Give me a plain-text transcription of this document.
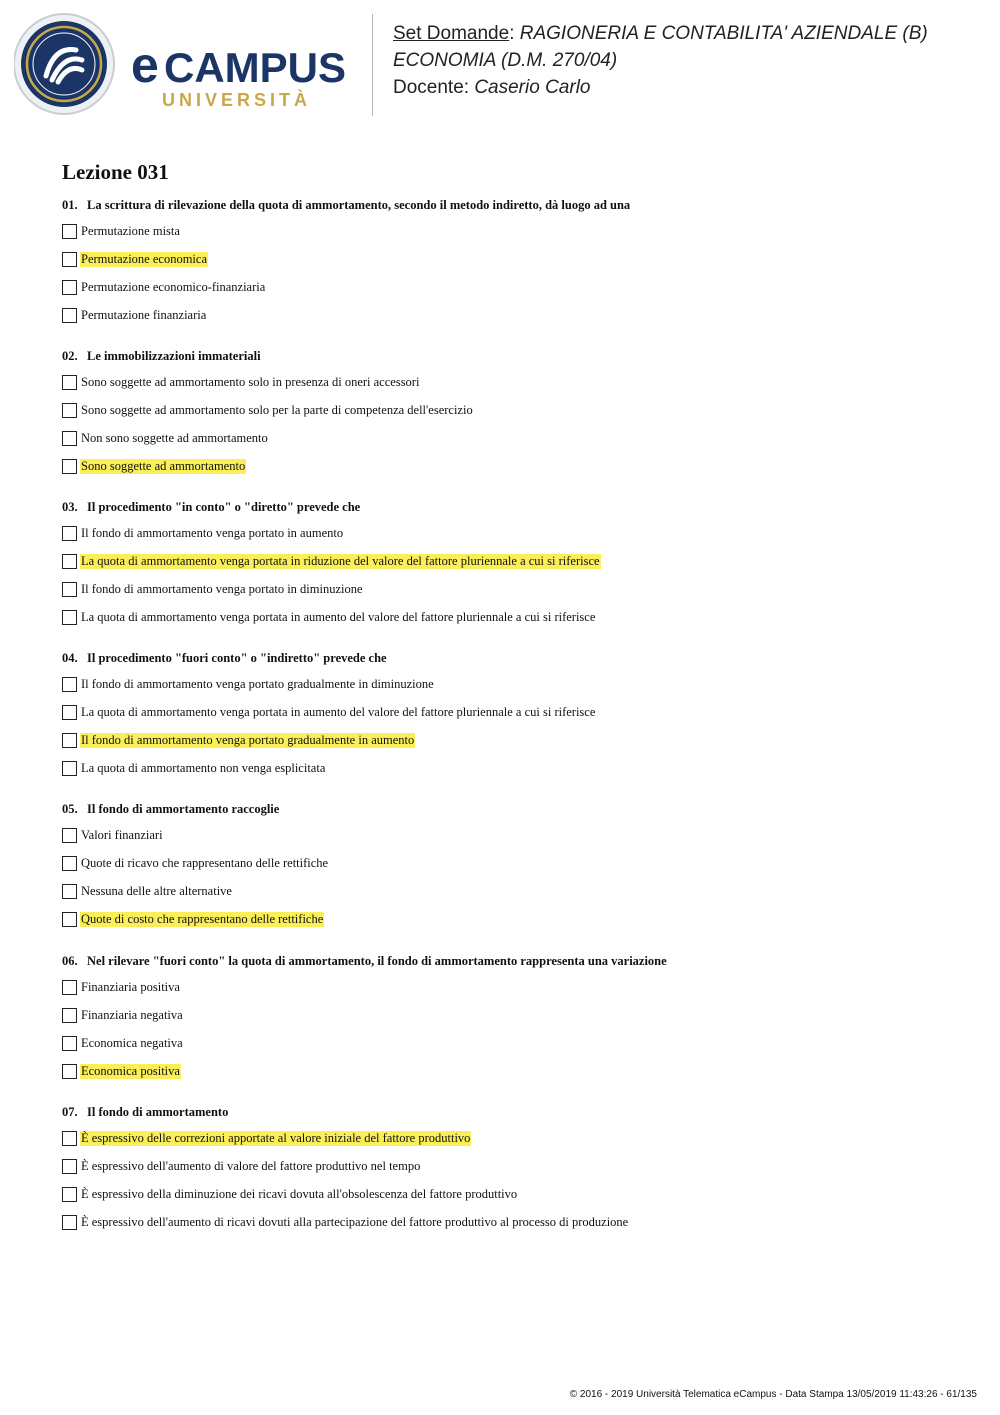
e CAMPUS
UNIVERSITÀ
Set Domande: RAGIONERIA E CONTABILITA' AZIENDALE (B)
ECONOMIA (D.M. 270/04)
Docente: Caserio Carlo
Lezione 031
01. La scrittura di rilevazione della quota di ammortamento, secondo il metodo indiretto, dà luogo ad una
Permutazione mista
Permutazione economica
Permutazione economico-finanziaria
Permutazione finanziaria
02. Le immobilizzazioni immateriali
Sono soggette ad ammortamento solo in presenza di oneri accessori
Sono soggette ad ammortamento solo per la parte di competenza dell'esercizio
Non sono soggette ad ammortamento
Sono soggette ad ammortamento
03. Il procedimento "in conto" o "diretto" prevede che
Il fondo di ammortamento venga portato in aumento
La quota di ammortamento venga portata in riduzione del valore del fattore pluriennale a cui si riferisce
Il fondo di ammortamento venga portato in diminuzione
La quota di ammortamento venga portata in aumento del valore del fattore pluriennale a cui si riferisce
04. Il procedimento "fuori conto" o "indiretto" prevede che
Il fondo di ammortamento venga portato gradualmente in diminuzione
La quota di ammortamento venga portata in aumento del valore del fattore pluriennale a cui si riferisce
Il fondo di ammortamento venga portato gradualmente in aumento
La quota di ammortamento non venga esplicitata
05. Il fondo di ammortamento raccoglie
Valori finanziari
Quote di ricavo che rappresentano delle rettifiche
Nessuna delle altre alternative
Quote di costo che rappresentano delle rettifiche
06. Nel rilevare "fuori conto" la quota di ammortamento, il fondo di ammortamento rappresenta una variazione
Finanziaria positiva
Finanziaria negativa
Economica negativa
Economica positiva
07. Il fondo di ammortamento
È espressivo delle correzioni apportate al valore iniziale del fattore produttivo
È espressivo dell'aumento di valore del fattore produttivo nel tempo
È espressivo della diminuzione dei ricavi dovuta all'obsolescenza del fattore produttivo
È espressivo dell'aumento di ricavi dovuti alla partecipazione del fattore produttivo al processo di produzione
© 2016 - 2019 Università Telematica eCampus - Data Stampa 13/05/2019 11:43:26 - 61/135
